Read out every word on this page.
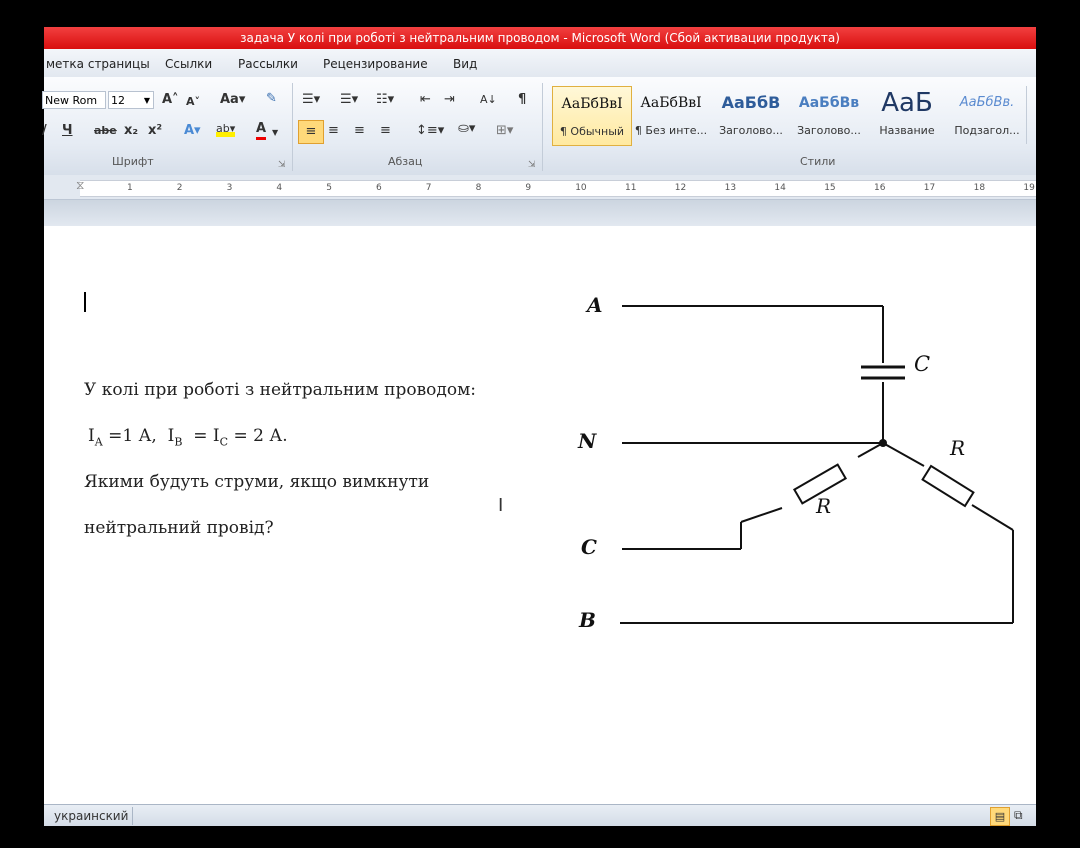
задача У колі при роботі з нейтральним проводом - Microsoft Word (Сбой активации продукта)
метка страницы Ссылки Рассылки Рецензирование Вид
New Rom	12 ▼ A˄ A˅ Aa▾ ✎
/ Ч abe x₂ x² A▾ ab▾ A ▼
Шрифт	⇲
☰▾ ☰▾ ☷▾ ⇤ ⇥ A↓ ¶
≡ ≡ ≡ ≡ ↕≡▾ ⛀▾ ⊞▾
Абзац	⇲
АаБбВвI
¶ Обычный
АаБбВвI
¶ Без инте...
АаБбВ
Заголово...
АаБбВв
Заголово...
АаБ
Название
АаБбВв.
Подзагол...
Стили
1	2	3	4	5	6	7	8	9	10	11	12	13	14	15	16	17	18	19
⧖
У колі при роботі з нейтральним проводом:
$I_A =1$ А,  $I_B = I_C = 2$ А.
Якими будуть струми, якщо вимкнути
нейтральний провід?
I
A
N
C
B
C
R
R
украинский	▤ ⧉
